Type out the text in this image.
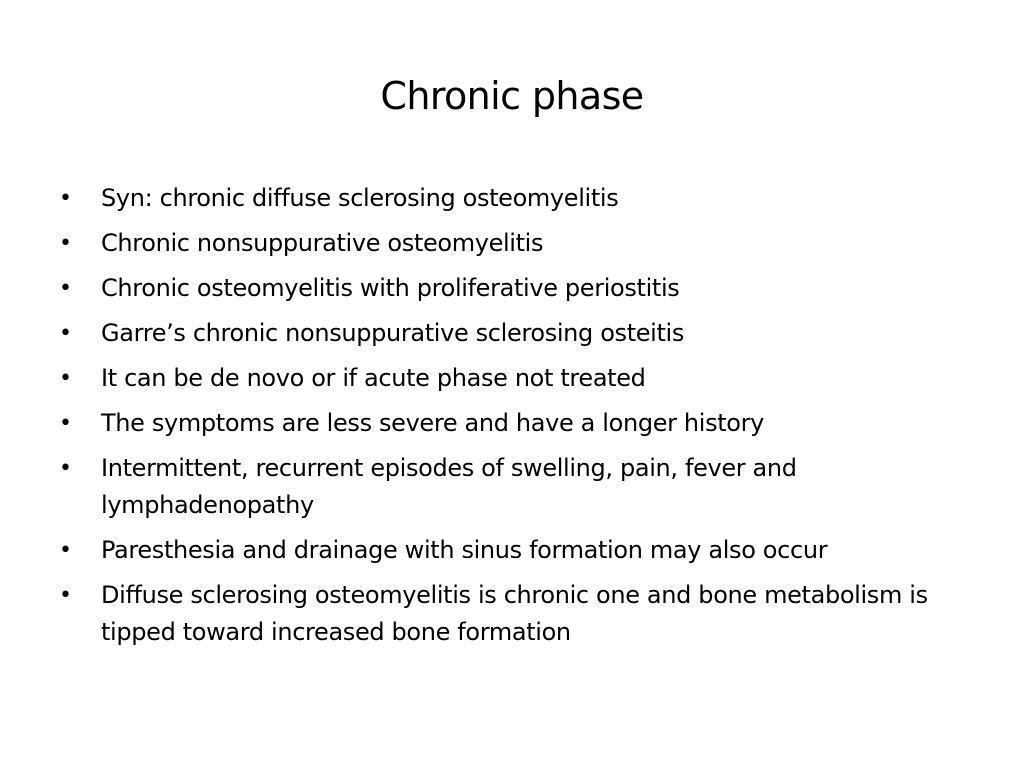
Chronic phase
• Syn: chronic diffuse sclerosing osteomyelitis
• Chronic nonsuppurative osteomyelitis
• Chronic osteomyelitis with proliferative periostitis
• Garre’s chronic nonsuppurative sclerosing osteitis
• It can be de novo or if acute phase not treated
• The symptoms are less severe and have a longer history
• Intermittent, recurrent episodes of swelling, pain, fever and lymphadenopathy
• Paresthesia and drainage with sinus formation may also occur
• Diffuse sclerosing osteomyelitis is chronic one and bone metabolism is tipped toward increased bone formation
